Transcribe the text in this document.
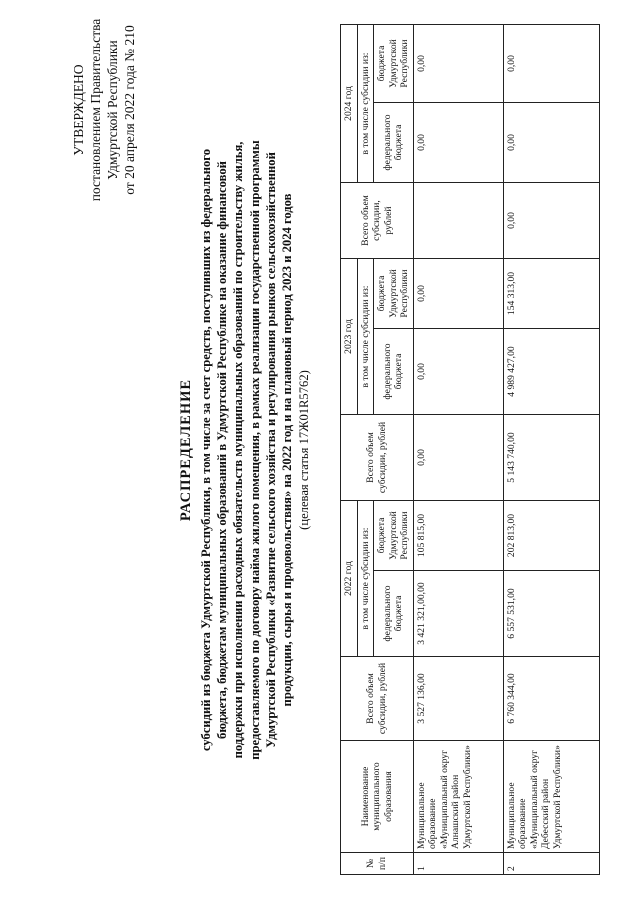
УТВЕРЖДЕНО постановлением Правительства Удмуртской Республики от 20 апреля 2022 года № 210
РАСПРЕДЕЛЕНИЕ субсидий из бюджета Удмуртской Республики, в том числе за счет средств, поступивших из федерального бюджета, бюджетам муниципальных образований в Удмуртской Республике на оказание финансовой поддержки при исполнении расходных обязательств муниципальных образований по строительству жилья, предоставляемого по договору найма жилого помещения, в рамках реализации государственной программы Удмуртской Республики «Развитие сельского хозяйства и регулирования рынков сельскохозяйственной продукции, сырья и продовольствия» на 2022 год и на плановый период 2023 и 2024 годов (целевая статья 17Ж01R5762)
№ п/п	Наименование муниципального образования	Всего объем субсидии, рублей	2022 год		Всего объем субсидии, рублей	2023 год		Всего объем субсидии, рублей	2024 год	
			в том числе субсидии из:			в том числе субсидии из:			в том числе субсидии из:	
			федерального бюджета	бюджета Удмуртской Республики		федерального бюджета	бюджета Удмуртской Республики		федерального бюджета	бюджета Удмуртской Республики
1	Муниципальное образование «Муниципальный округ Алнашский район Удмуртской Республики»	3 527 136,00	3 421 321,00,00	105 815,00	0,00	0,00	0,00		0,00	0,00
2	Муниципальное образование «Муниципальный округ Дебесский район Удмуртской Республики»	6 760 344,00	6 557 531,00	202 813,00	5 143 740,00	4 989 427,00	154 313,00	0,00	0,00	0,00
